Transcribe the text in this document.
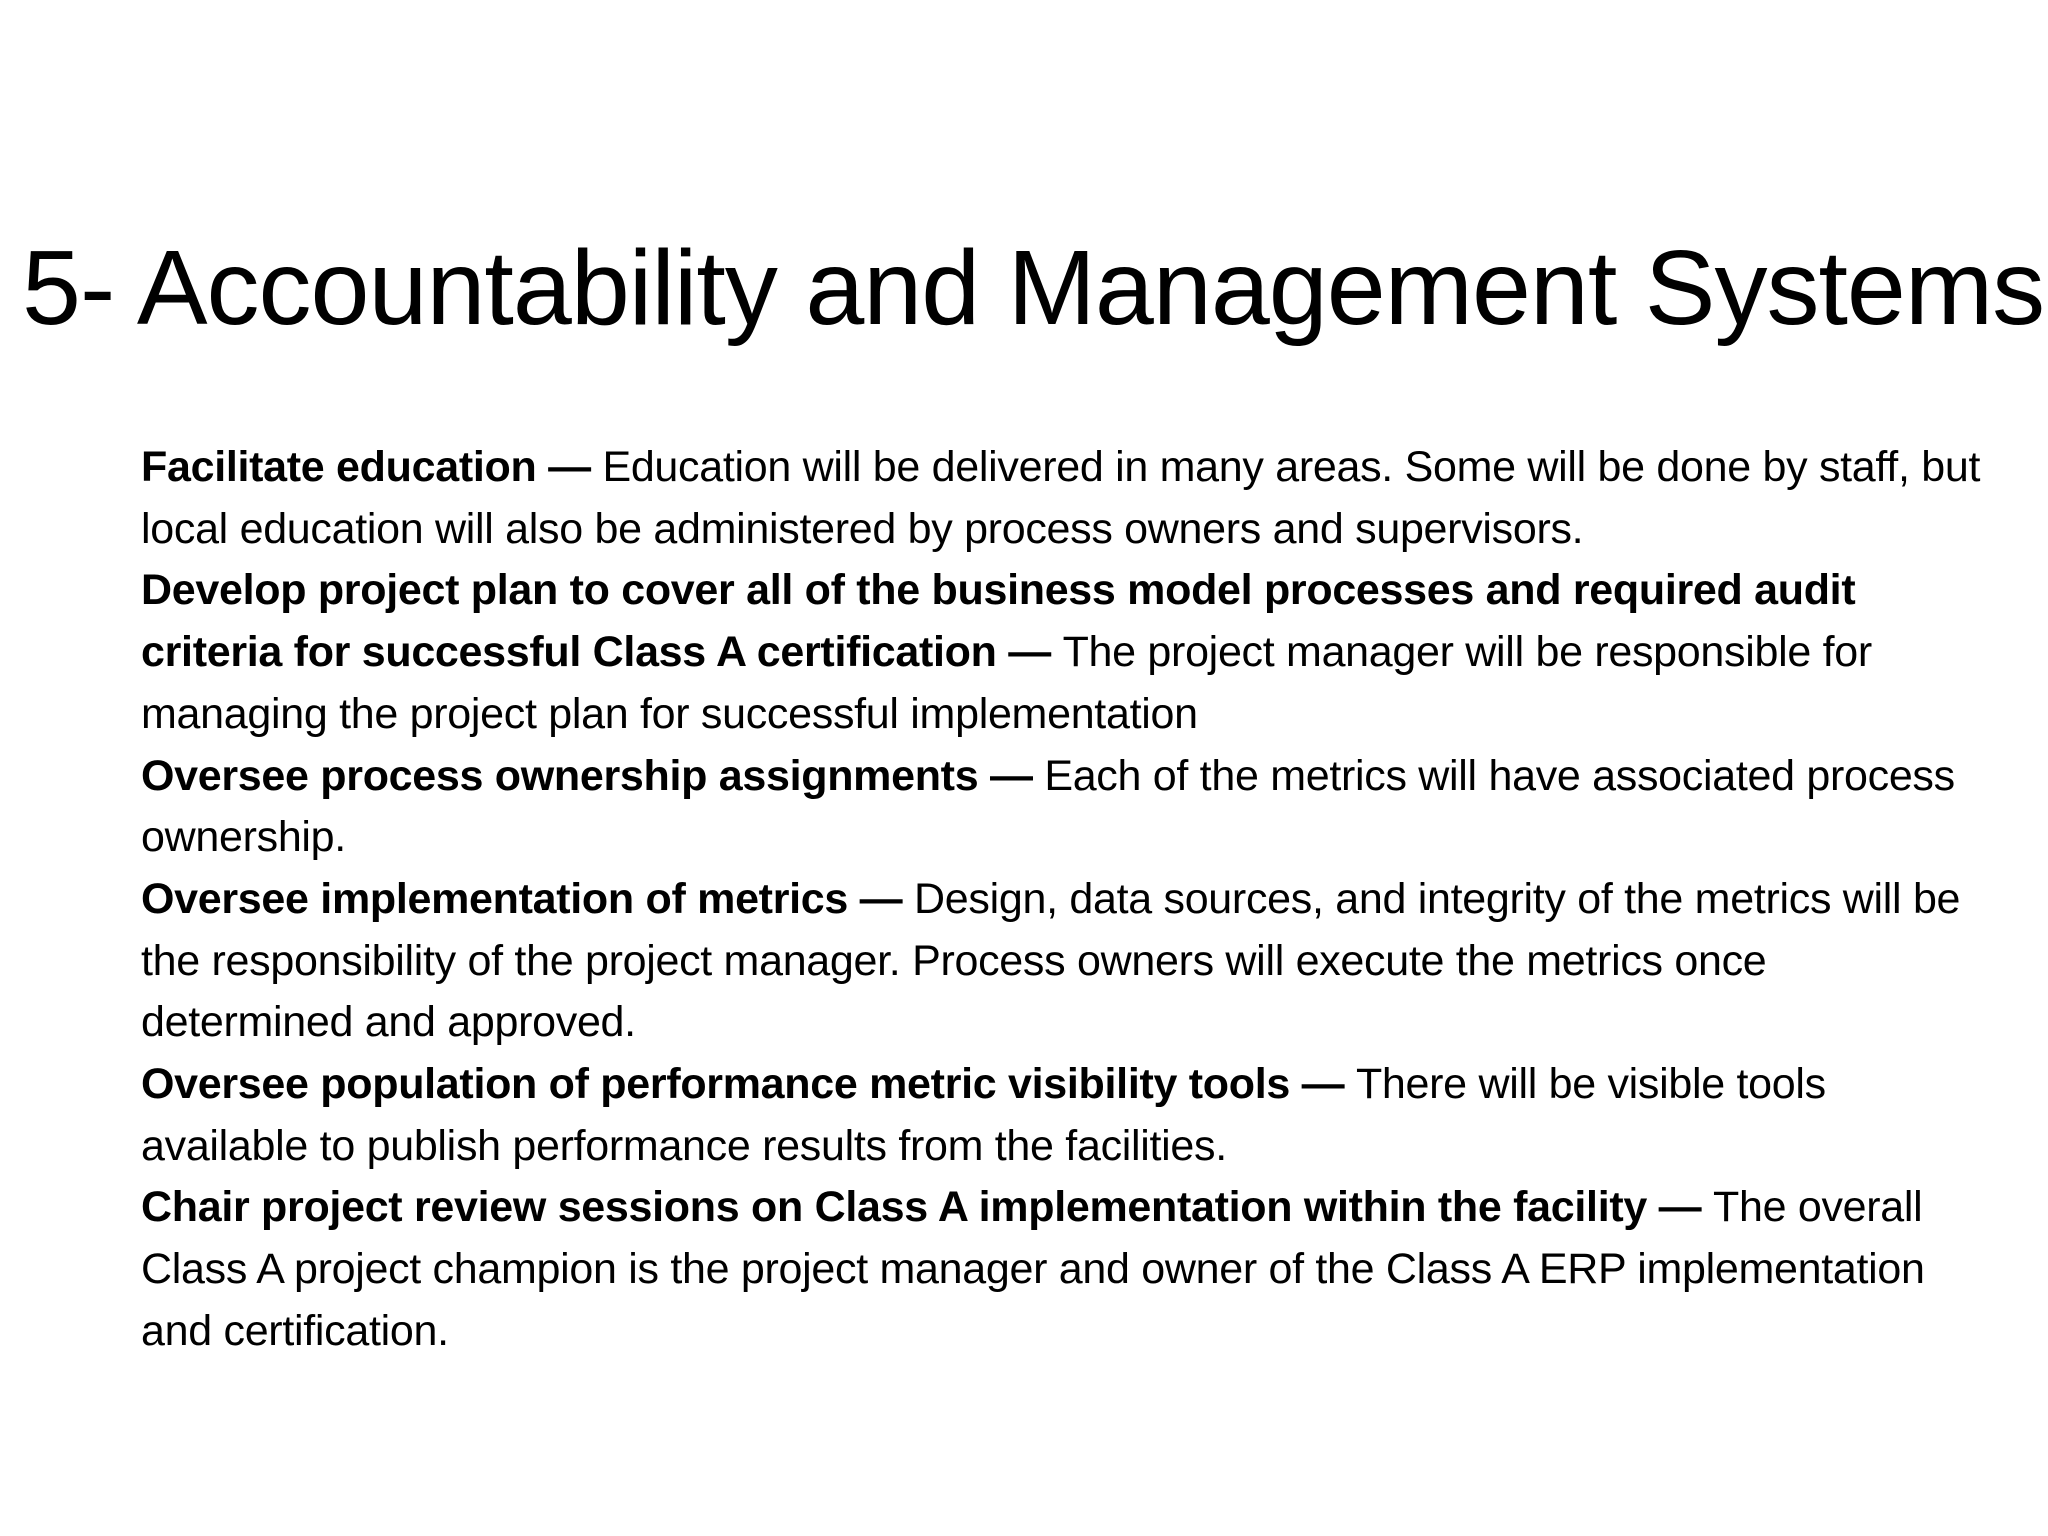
5- Accountability and Management Systems

Facilitate education — Education will be delivered in many areas. Some will be done by staff, but local education will also be administered by process owners and supervisors.

Develop project plan to cover all of the business model processes and required audit criteria for successful Class A certification — The project manager will be responsible for managing the project plan for successful implementation

Oversee process ownership assignments — Each of the metrics will have associated process ownership.

Oversee implementation of metrics — Design, data sources, and integrity of the metrics will be the responsibility of the project manager. Process owners will execute the metrics once determined and approved.

Oversee population of performance metric visibility tools — There will be visible tools available to publish performance results from the facilities.

Chair project review sessions on Class A implementation within the facility — The overall Class A project champion is the project manager and owner of the Class A ERP implementation and certification.
